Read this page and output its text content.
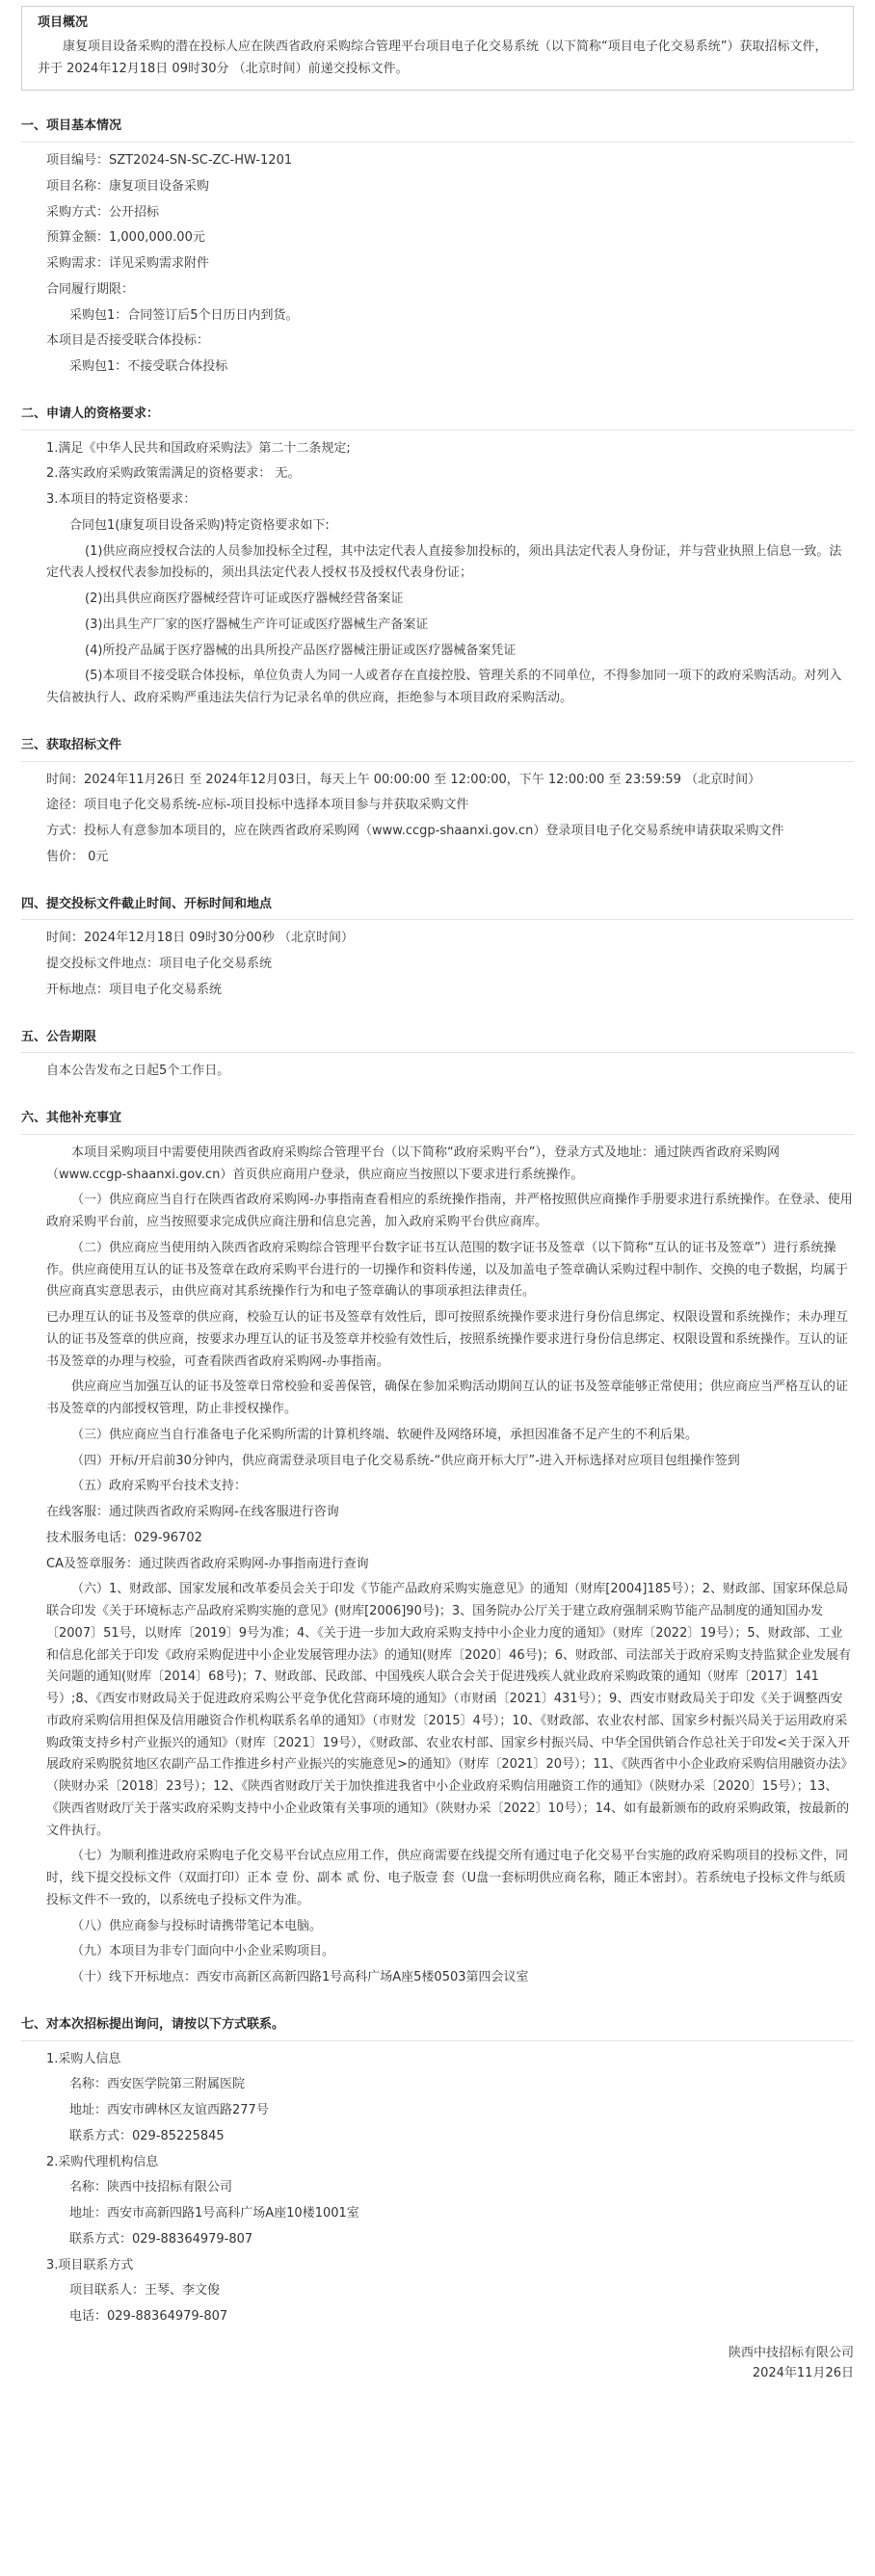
项目概况
康复项目设备采购的潜在投标人应在陕西省政府采购综合管理平台项目电子化交易系统（以下简称“项目电子化交易系统”）获取招标文件，并于 2024年12月18日 09时30分 （北京时间）前递交投标文件。
一、项目基本情况
项目编号：SZT2024-SN-SC-ZC-HW-1201
项目名称：康复项目设备采购
采购方式：公开招标
预算金额：1,000,000.00元
采购需求：详见采购需求附件
合同履行期限：
采购包1：合同签订后5个日历日内到货。
本项目是否接受联合体投标：
采购包1：不接受联合体投标
二、申请人的资格要求：
1.满足《中华人民共和国政府采购法》第二十二条规定;
2.落实政府采购政策需满足的资格要求： 无。
3.本项目的特定资格要求：
合同包1(康复项目设备采购)特定资格要求如下:
(1)供应商应授权合法的人员参加投标全过程，其中法定代表人直接参加投标的，须出具法定代表人身份证，并与营业执照上信息一致。法定代表人授权代表参加投标的，须出具法定代表人授权书及授权代表身份证；
(2)出具供应商医疗器械经营许可证或医疗器械经营备案证
(3)出具生产厂家的医疗器械生产许可证或医疗器械生产备案证
(4)所投产品属于医疗器械的出具所投产品医疗器械注册证或医疗器械备案凭证
(5)本项目不接受联合体投标，单位负责人为同一人或者存在直接控股、管理关系的不同单位，不得参加同一项下的政府采购活动。对列入失信被执行人、政府采购严重违法失信行为记录名单的供应商，拒绝参与本项目政府采购活动。
三、获取招标文件
时间：2024年11月26日 至 2024年12月03日，每天上午 00:00:00 至 12:00:00，下午 12:00:00 至 23:59:59 （北京时间）
途径：项目电子化交易系统-应标-项目投标中选择本项目参与并获取采购文件
方式：投标人有意参加本项目的，应在陕西省政府采购网（www.ccgp-shaanxi.gov.cn）登录项目电子化交易系统申请获取采购文件
售价： 0元
四、提交投标文件截止时间、开标时间和地点
时间：2024年12月18日 09时30分00秒 （北京时间）
提交投标文件地点：项目电子化交易系统
开标地点：项目电子化交易系统
五、公告期限
自本公告发布之日起5个工作日。
六、其他补充事宜
本项目采购项目中需要使用陕西省政府采购综合管理平台（以下简称“政府采购平台”），登录方式及地址：通过陕西省政府采购网（www.ccgp-shaanxi.gov.cn）首页供应商用户登录，供应商应当按照以下要求进行系统操作。
（一）供应商应当自行在陕西省政府采购网-办事指南查看相应的系统操作指南，并严格按照供应商操作手册要求进行系统操作。在登录、使用政府采购平台前，应当按照要求完成供应商注册和信息完善，加入政府采购平台供应商库。
（二）供应商应当使用纳入陕西省政府采购综合管理平台数字证书互认范围的数字证书及签章（以下简称“互认的证书及签章”）进行系统操作。供应商使用互认的证书及签章在政府采购平台进行的一切操作和资料传递，以及加盖电子签章确认采购过程中制作、交换的电子数据，均属于供应商真实意思表示，由供应商对其系统操作行为和电子签章确认的事项承担法律责任。
已办理互认的证书及签章的供应商，校验互认的证书及签章有效性后，即可按照系统操作要求进行身份信息绑定、权限设置和系统操作；未办理互认的证书及签章的供应商，按要求办理互认的证书及签章并校验有效性后，按照系统操作要求进行身份信息绑定、权限设置和系统操作。互认的证书及签章的办理与校验，可查看陕西省政府采购网-办事指南。
供应商应当加强互认的证书及签章日常校验和妥善保管，确保在参加采购活动期间互认的证书及签章能够正常使用；供应商应当严格互认的证书及签章的内部授权管理，防止非授权操作。
（三）供应商应当自行准备电子化采购所需的计算机终端、软硬件及网络环境，承担因准备不足产生的不利后果。
（四）开标/开启前30分钟内，供应商需登录项目电子化交易系统-“供应商开标大厅”-进入开标选择对应项目包组操作签到
（五）政府采购平台技术支持：
在线客服：通过陕西省政府采购网-在线客服进行咨询
技术服务电话：029-96702
CA及签章服务：通过陕西省政府采购网-办事指南进行查询
（六）1、财政部、国家发展和改革委员会关于印发《节能产品政府采购实施意见》的通知（财库[2004]185号）；2、财政部、国家环保总局联合印发《关于环境标志产品政府采购实施的意见》(财库[2006]90号)；3、国务院办公厅关于建立政府强制采购节能产品制度的通知国办发〔2007〕51号，以财库〔2019〕9号为准；4、《关于进一步加大政府采购支持中小企业力度的通知》（财库〔2022〕19号）；5、财政部、工业和信息化部关于印发《政府采购促进中小企业发展管理办法》的通知(财库〔2020〕46号)；6、财政部、司法部关于政府采购支持监狱企业发展有关问题的通知(财库〔2014〕68号)；7、财政部、民政部、中国残疾人联合会关于促进残疾人就业政府采购政策的通知（财库〔2017〕141号）;8、《西安市财政局关于促进政府采购公平竞争优化营商环境的通知》（市财函〔2021〕431号）；9、西安市财政局关于印发《关于调整西安市政府采购信用担保及信用融资合作机构联系名单的通知》（市财发〔2015〕4号）；10、《财政部、农业农村部、国家乡村振兴局关于运用政府采购政策支持乡村产业振兴的通知》（财库〔2021〕19号），《财政部、农业农村部、国家乡村振兴局、中华全国供销合作总社关于印发<关于深入开展政府采购脱贫地区农副产品工作推进乡村产业振兴的实施意见>的通知》（财库〔2021〕20号）；11、《陕西省中小企业政府采购信用融资办法》（陕财办采〔2018〕23号）；12、《陕西省财政厅关于加快推进我省中小企业政府采购信用融资工作的通知》（陕财办采〔2020〕15号）；13、《陕西省财政厅关于落实政府采购支持中小企业政策有关事项的通知》（陕财办采〔2022〕10号）；14、如有最新颁布的政府采购政策，按最新的文件执行。
（七）为顺利推进政府采购电子化交易平台试点应用工作，供应商需要在线提交所有通过电子化交易平台实施的政府采购项目的投标文件，同时，线下提交投标文件（双面打印）正本 壹 份、副本 贰 份、电子版壹 套（U盘一套标明供应商名称，随正本密封）。若系统电子投标文件与纸质投标文件不一致的，以系统电子投标文件为准。
（八）供应商参与投标时请携带笔记本电脑。
（九）本项目为非专门面向中小企业采购项目。
（十）线下开标地点：西安市高新区高新四路1号高科广场A座5楼0503第四会议室
七、对本次招标提出询问，请按以下方式联系。
1.采购人信息
名称：西安医学院第三附属医院
地址：西安市碑林区友谊西路277号
联系方式：029-85225845
2.采购代理机构信息
名称：陕西中技招标有限公司
地址：西安市高新四路1号高科广场A座10楼1001室
联系方式：029-88364979-807
3.项目联系方式
项目联系人：王琴、李文俊
电话：029-88364979-807
陕西中技招标有限公司
2024年11月26日
